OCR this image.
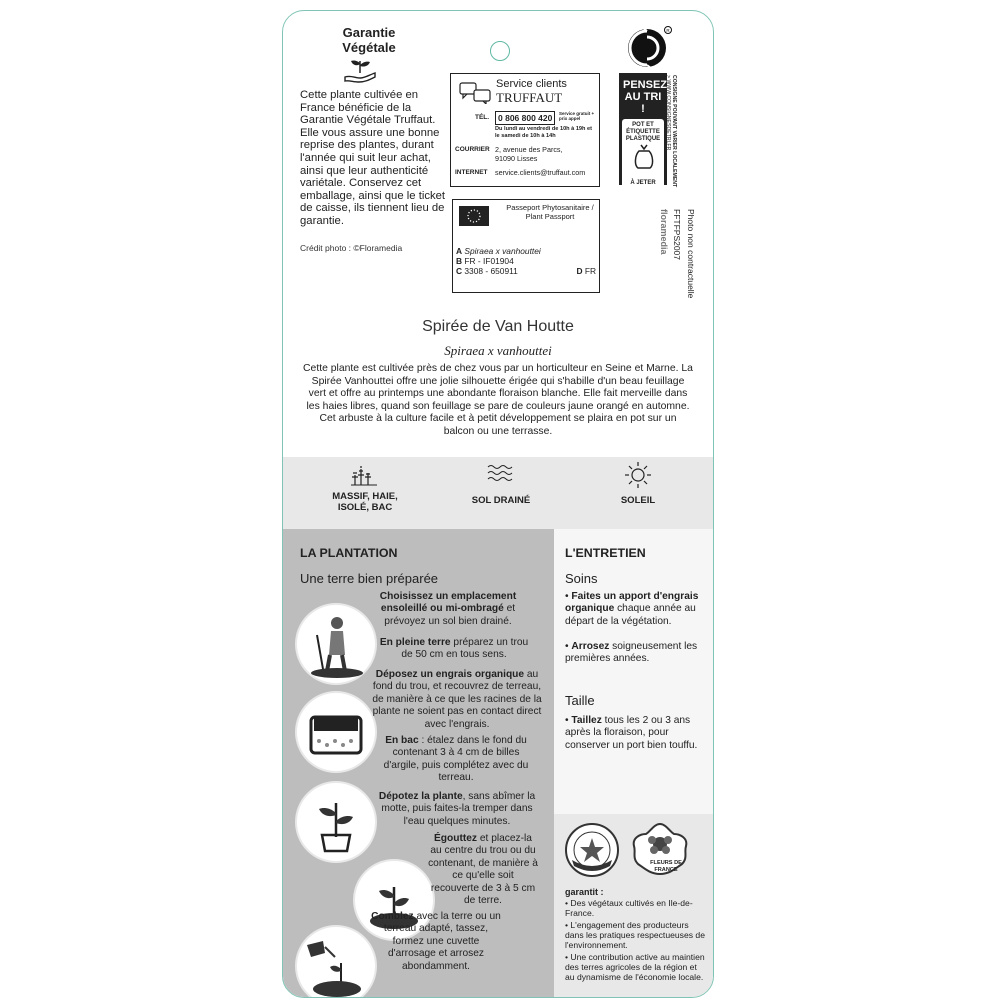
Garantie Végétale
Cette plante cultivée en France bénéficie de la Garantie Végétale Truffaut. Elle vous assure une bonne reprise des plantes, durant l'année qui suit leur achat, ainsi que leur authenticité variétale. Conservez cet emballage, ainsi que le ticket de caisse, ils tiennent lieu de garantie.
Crédit photo : ©Floramedia
Service clients
TRUFFAUT
TÉL.	0 806 800 420	Service gratuit + prix appel
Du lundi au vendredi de 10h à 19h et le samedi de 10h à 14h
COURRIER 2, avenue des Parcs, 91090 Lisses
INTERNET service.clients@truffaut.com
Passeport Phytosanitaire / Plant Passport
A Spiraea x vanhouttei
B FR - IF01904
C 3308 - 650911	D FR
R
PENSEZ AU TRI !
POT ET ÉTIQUETTE PLASTIQUE
À JETER	CONSIGNE POUVANT VARIER LOCALEMENT
> WWW.CONSIGNESDETRI.FR
floramedia FFTFPS2007 Photo non contractuelle
Spirée de Van Houtte
Spiraea x vanhouttei
Cette plante est cultivée près de chez vous par un horticulteur en Seine et Marne. La Spirée Vanhouttei offre une jolie silhouette érigée qui s'habille d'un beau feuillage vert et offre au printemps une abondante floraison blanche. Elle fait merveille dans les haies libres, quand son feuillage se pare de couleurs jaune orangé en automne. Cet arbuste à la culture facile et à petit développement se plaira en pot sur un balcon ou une terrasse.
MASSIF, HAIE, ISOLÉ, BAC
SOL DRAINÉ	SOLEIL
LA PLANTATION
Une terre bien préparée
Choisissez un emplacement ensoleillé ou mi-ombragé et prévoyez un sol bien drainé.
En pleine terre préparez un trou de 50 cm en tous sens.
Déposez un engrais organique au fond du trou, et recouvrez de terreau, de manière à ce que les racines de la plante ne soient pas en contact direct avec l'engrais.
En bac : étalez dans le fond du contenant 3 à 4 cm de billes d'argile, puis complétez avec du terreau.
Dépotez la plante, sans abîmer la motte, puis faites-la tremper dans l'eau quelques minutes.
Égouttez et placez-la au centre du trou ou du contenant, de manière à ce qu'elle soit recouverte de 3 à 5 cm de terre.
Comblez avec la terre ou un terreau adapté, tassez, formez une cuvette d'arrosage et arrosez abondamment.
L'ENTRETIEN
Soins
• Faites un apport d'engrais organique chaque année au départ de la végétation.
• Arrosez soigneusement les premières années.
Taille
• Taillez tous les 2 ou 3 ans après la floraison, pour conserver un port bien touffu.
FLEURS DE FRANCE
garantit :
• Des végétaux cultivés en Ile-de-France.
• L'engagement des producteurs dans les pratiques respectueuses de l'environnement.
• Une contribution active au maintien des terres agricoles de la région et au dynamisme de l'économie locale.
